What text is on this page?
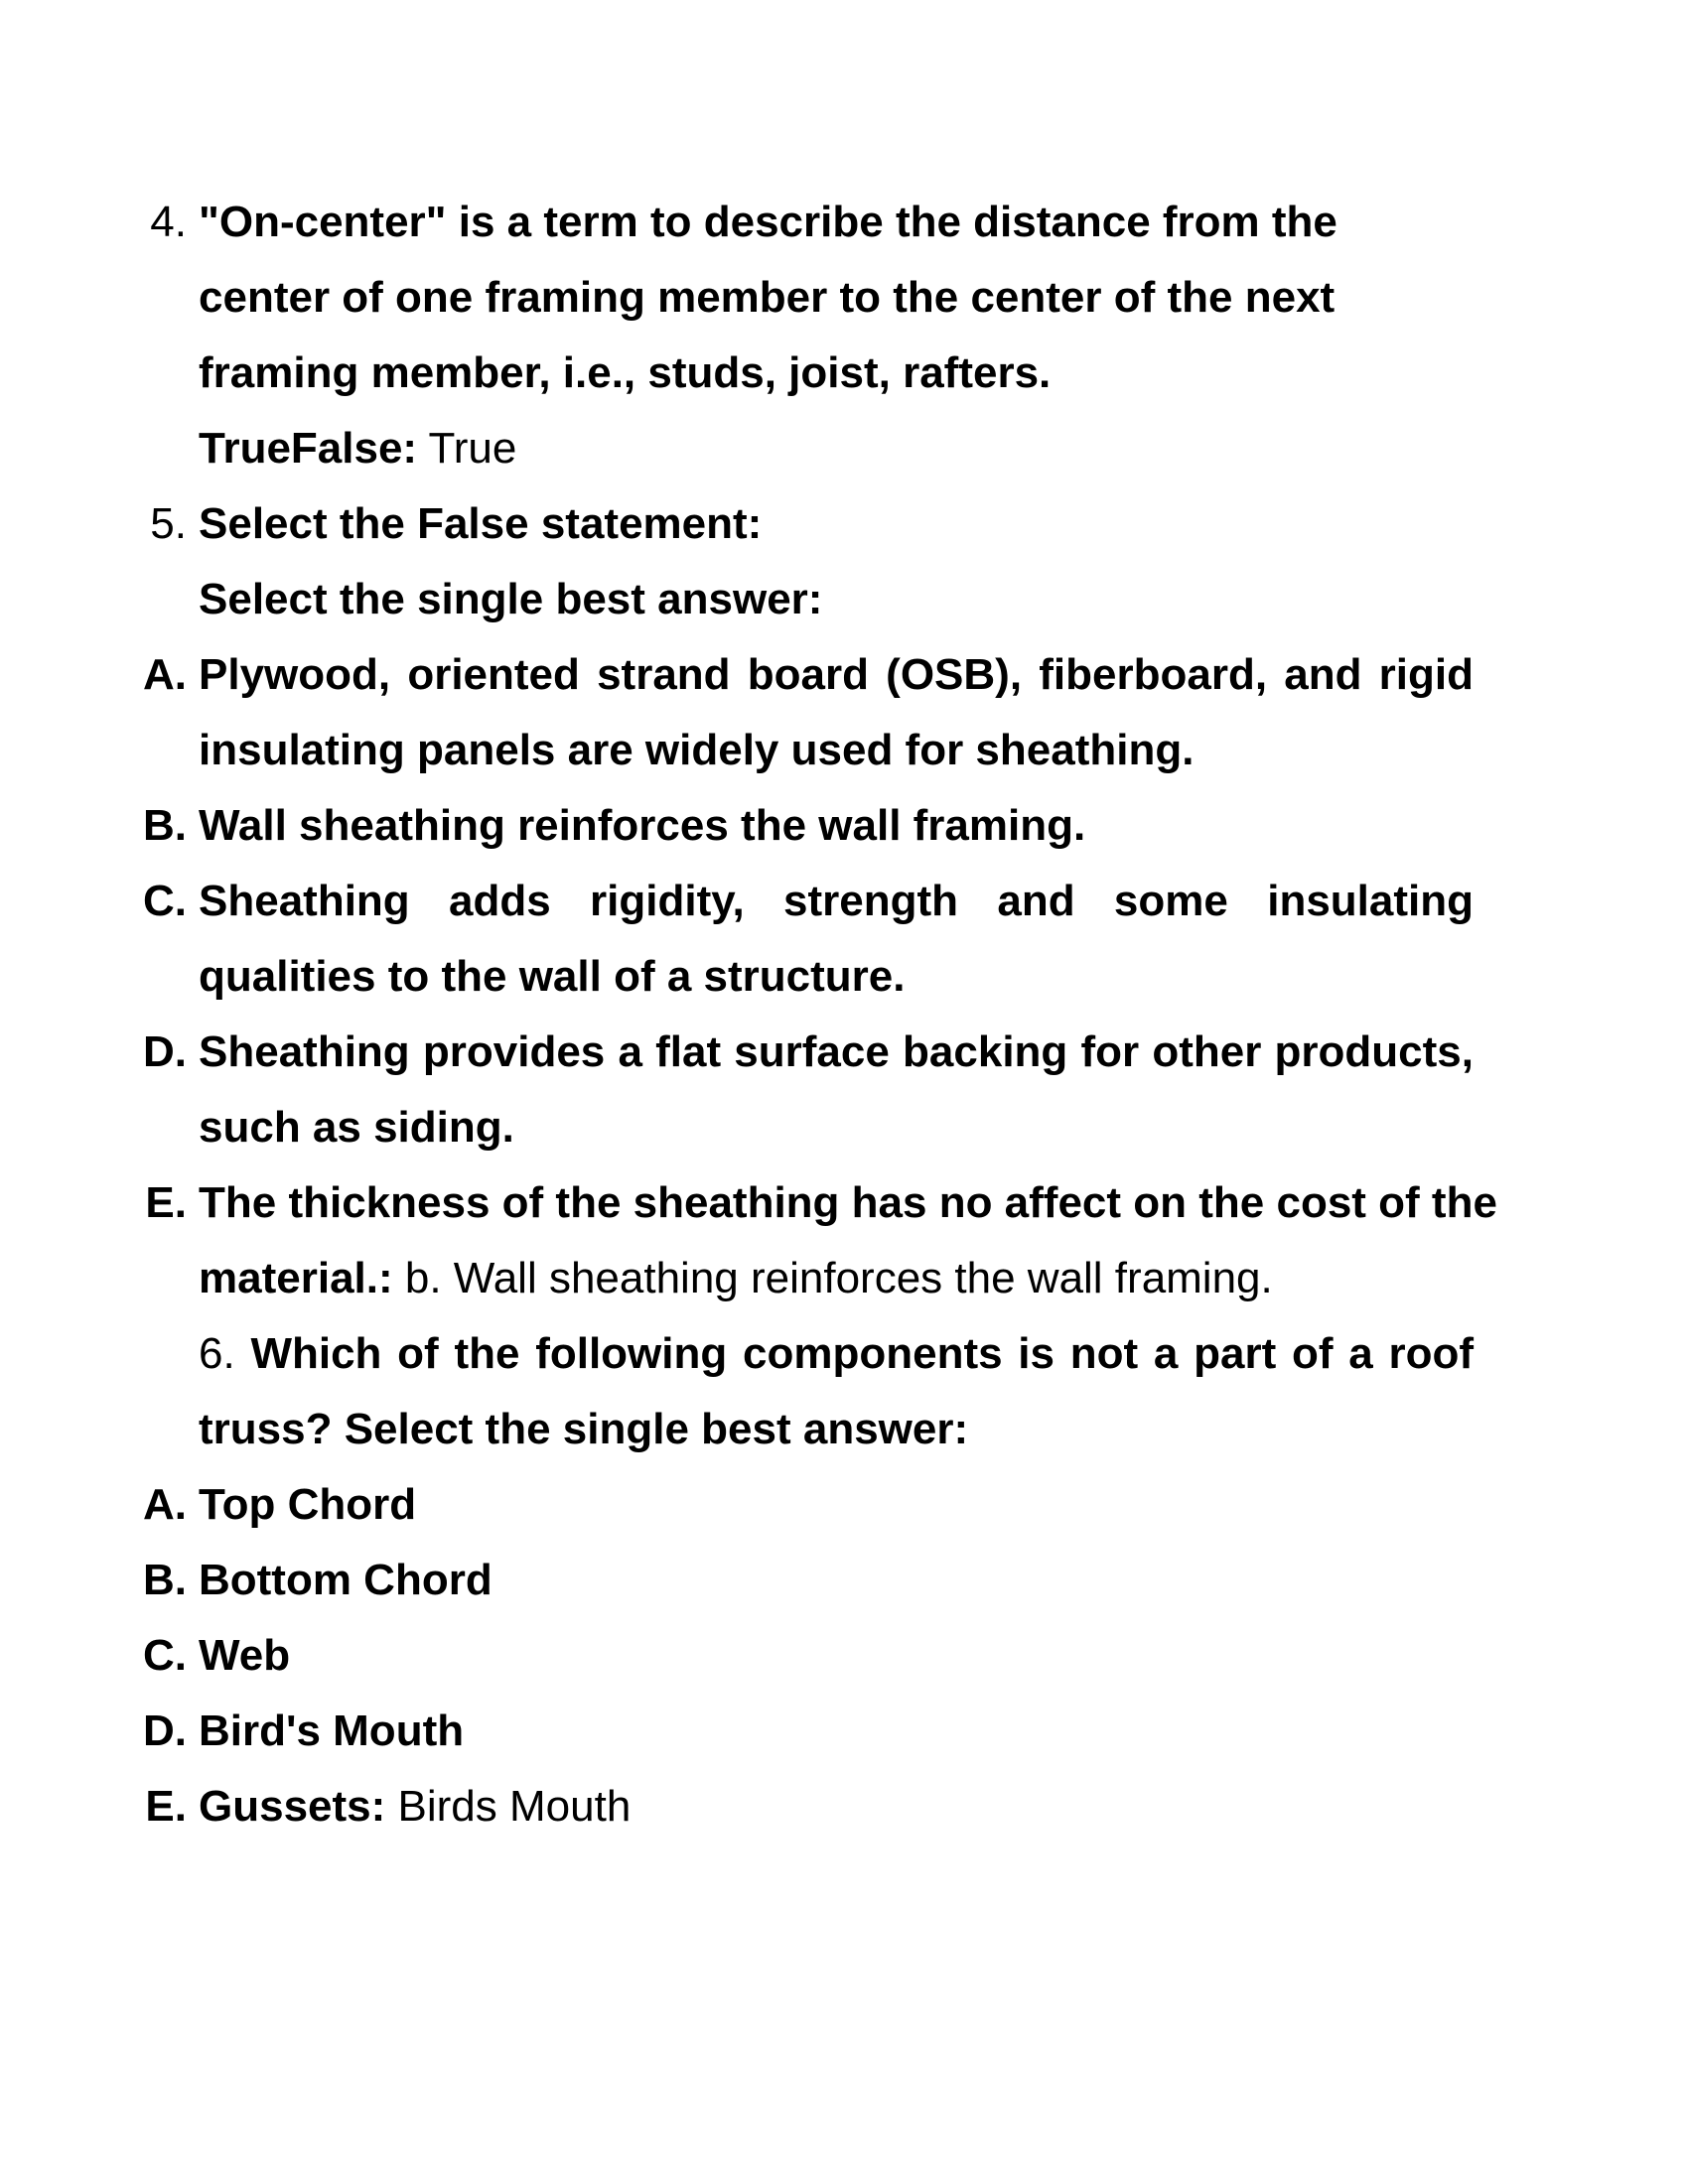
4. "On-center" is a term to describe the distance from the
center of one framing member to the center of the next
framing member, i.e., studs, joist, rafters.
TrueFalse: True
5. Select the False statement:
Select the single best answer:
A. Plywood, oriented strand board (OSB), fiberboard, and rigid
insulating panels are widely used for sheathing.
B. Wall sheathing reinforces the wall framing.
C. Sheathing adds rigidity, strength and some insulating
qualities to the wall of a structure.
D. Sheathing provides a flat surface backing for other products,
such as siding.
E. The thickness of the sheathing has no affect on the cost of the
material.: b. Wall sheathing reinforces the wall framing.
6. Which of the following components is not a part of a roof
truss? Select the single best answer:
A. Top Chord
B. Bottom Chord
C. Web
D. Bird's Mouth
E. Gussets: Birds Mouth
